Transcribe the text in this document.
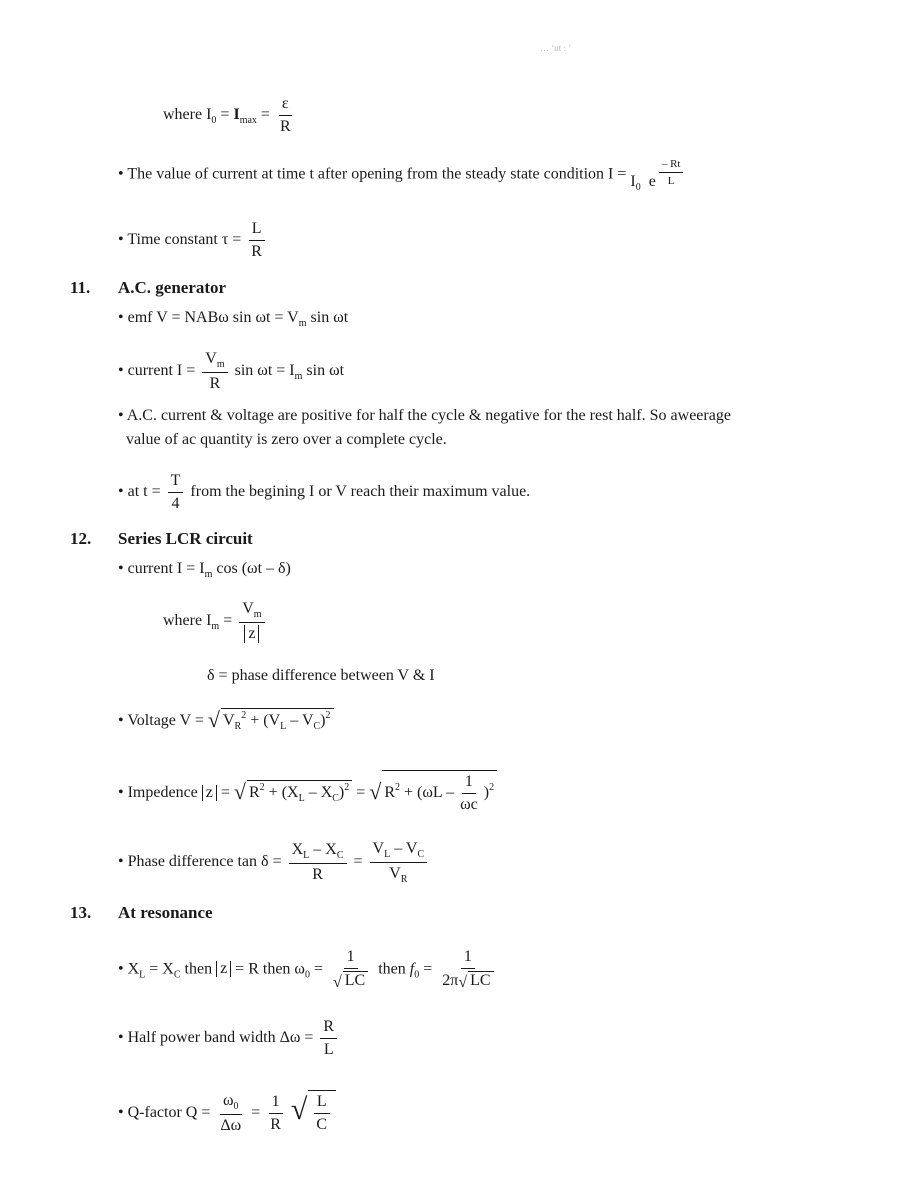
… ‘ut : ’
where $I_0 = I_{max} = \frac{\varepsilon}{R}$
• The value of current at time t after opening from the steady state condition $I = I_0$ e $\frac{- Rt}{L}$
• Time constant $\tau = \frac{L}{R}$
11. A.C. generator
• emf V = NABω $\sin \omega t = V_m$ sin ωt
• current $I = \frac{V_m}{R}$ $\sin \omega t = I_m$ sin ωt
• A.C. current & voltage are positive for half the cycle & negative for the rest half. So aweerage
value of ac quantity is zero over a complete cycle.
• at $t = \frac{T}{4}$ from the begining I or V reach their maximum value.
12. Series LCR circuit
• current $I = I_m$ cos (ωt – δ)
where $I_m = \frac{V_m}{z}$
δ = phase difference between V & I
• Voltage V = √ $V_R^2 + (V_L - V_C)^2$
• Impedence z = √ $R^2 + (X_L - X_C)^2$ = √ $R^2 + (\omega L - \frac{1}{\omega c} )^2$
• Phase difference $\tan \delta = \frac{X_L - X_C}{R} = \frac{V_L - V_C}{V_R}$
13. At resonance
• $X_L = X_C$ then z = R then $\omega_0 = \frac{1}{√ LC}$ then $f_0 = \frac{1}{2\pi√ LC}$
• Half power band width $\Delta\omega = \frac{R}{L}$
• Q-factor $Q = \frac{\omega_0}{\Delta\omega} = \frac{1}{R}$ √ $\frac{L}{C}$
